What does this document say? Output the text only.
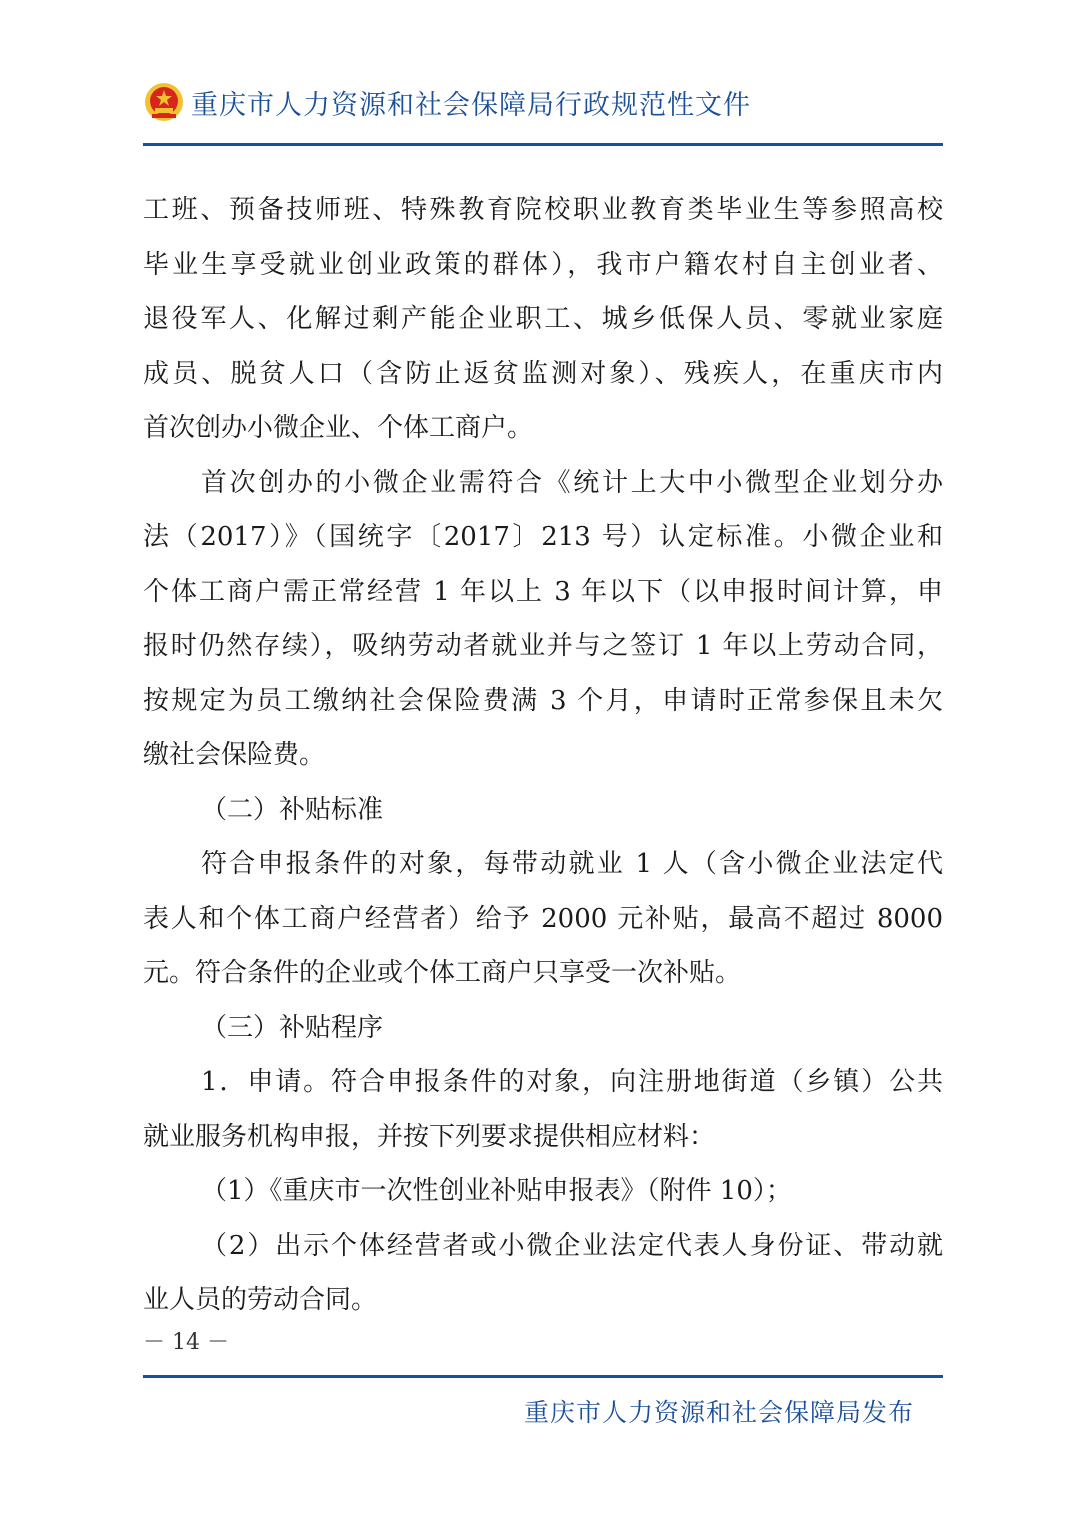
重庆市人力资源和社会保障局行政规范性文件
工班、预备技师班、特殊教育院校职业教育类毕业生等参照高校
毕业生享受就业创业政策的群体），我市户籍农村自主创业者、
退役军人、化解过剩产能企业职工、城乡低保人员、零就业家庭
成员、脱贫人口（含防止返贫监测对象）、残疾人，在重庆市内
首次创办小微企业、个体工商户。
首次创办的小微企业需符合《统计上大中小微型企业划分办
法（2017）》（国统字〔2017〕213 号）认定标准。小微企业和
个体工商户需正常经营 1 年以上 3 年以下（以申报时间计算，申
报时仍然存续），吸纳劳动者就业并与之签订 1 年以上劳动合同，
按规定为员工缴纳社会保险费满 3 个月，申请时正常参保且未欠
缴社会保险费。
（二）补贴标准
符合申报条件的对象，每带动就业 1 人（含小微企业法定代
表人和个体工商户经营者）给予 2000 元补贴，最高不超过 8000
元。符合条件的企业或个体工商户只享受一次补贴。
（三）补贴程序
1．申请。符合申报条件的对象，向注册地街道（乡镇）公共
就业服务机构申报，并按下列要求提供相应材料：
（1）《重庆市一次性创业补贴申报表》（附件 10）；
（2）出示个体经营者或小微企业法定代表人身份证、带动就
业人员的劳动合同。
－ 14 －
重庆市人力资源和社会保障局发布
